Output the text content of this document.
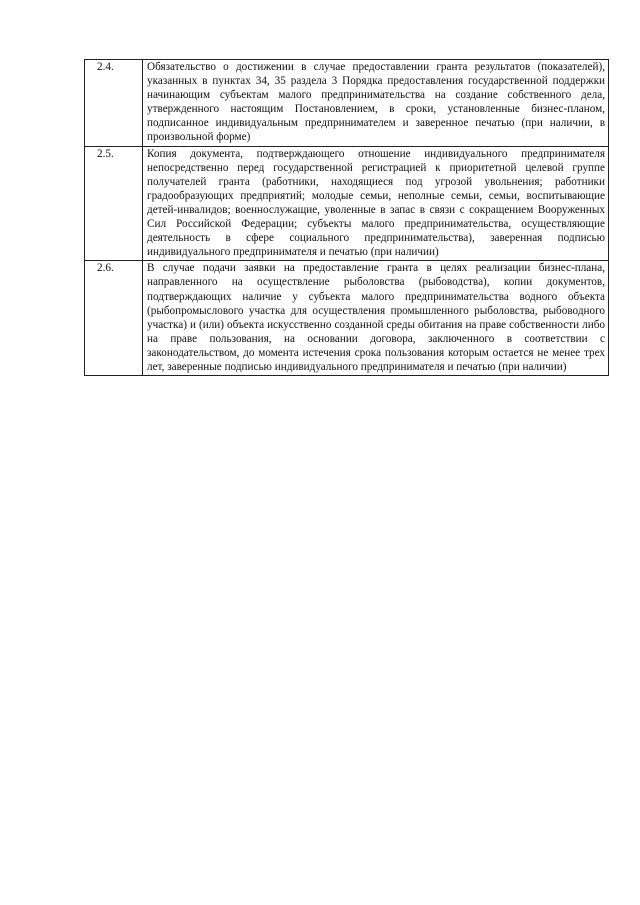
2.4.	Обязательство о достижении в случае предоставлении гранта результатов (показателей), указанных в пунктах 34, 35 раздела 3 Порядка предоставления государственной поддержки начинающим субъектам малого предпринимательства на создание собственного дела, утвержденного настоящим Постановлением, в сроки, установленные бизнес-планом, подписанное индивидуальным предпринимателем и заверенное печатью (при наличии, в произвольной форме)
2.5.	Копия документа, подтверждающего отношение индивидуального предпринимателя непосредственно перед государственной регистрацией к приоритетной целевой группе получателей гранта (работники, находящиеся под угрозой увольнения; работники градообразующих предприятий; молодые семьи, неполные семьи, семьи, воспитывающие детей-инвалидов; военнослужащие, уволенные в запас в связи с сокращением Вооруженных Сил Российской Федерации; субъекты малого предпринимательства, осуществляющие деятельность в сфере социального предпринимательства), заверенная подписью индивидуального предпринимателя и печатью (при наличии)
2.6.	В случае подачи заявки на предоставление гранта в целях реализации бизнес-плана, направленного на осуществление рыболовства (рыбоводства), копии документов, подтверждающих наличие у субъекта малого предпринимательства водного объекта (рыбопромыслового участка для осуществления промышленного рыболовства, рыбоводного участка) и (или) объекта искусственно созданной среды обитания на праве собственности либо на праве пользования, на основании договора, заключенного в соответствии с законодательством, до момента истечения срока пользования которым остается не менее трех лет, заверенные подписью индивидуального предпринимателя и печатью (при наличии)
